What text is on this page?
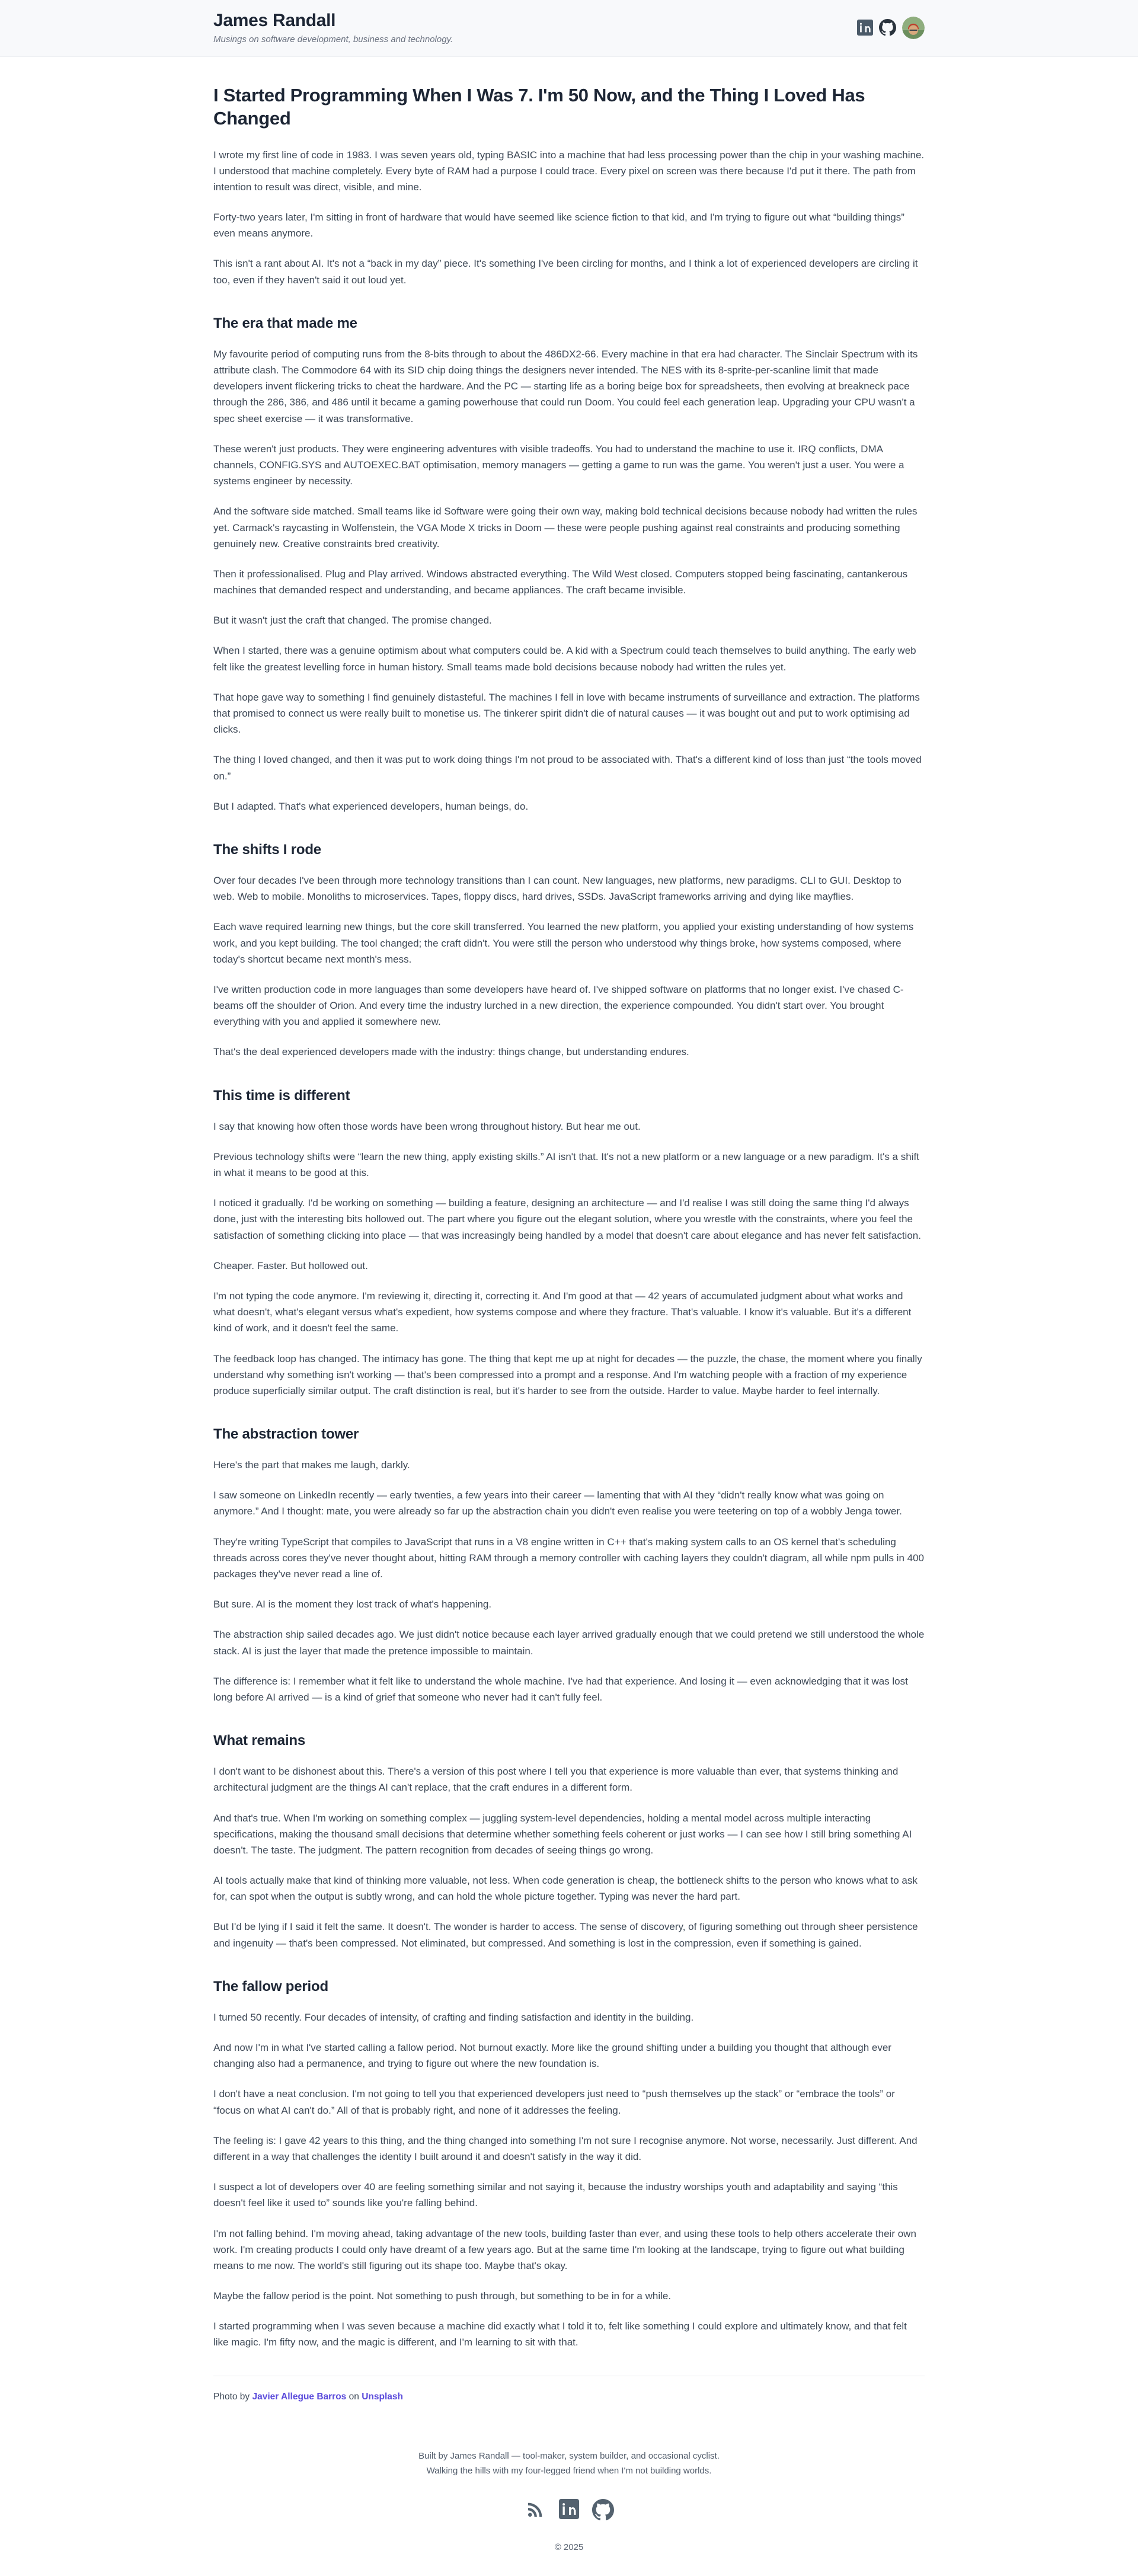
James Randall
Musings on software development, business and technology.
I Started Programming When I Was 7. I'm 50 Now, and the Thing I Loved Has Changed

I wrote my first line of code in 1983. I was seven years old, typing BASIC into a machine that had less processing power than the chip in your washing machine. I understood that machine completely. Every byte of RAM had a purpose I could trace. Every pixel on screen was there because I'd put it there. The path from intention to result was direct, visible, and mine.

Forty-two years later, I'm sitting in front of hardware that would have seemed like science fiction to that kid, and I'm trying to figure out what “building things” even means anymore.

This isn't a rant about AI. It's not a “back in my day” piece. It's something I've been circling for months, and I think a lot of experienced developers are circling it too, even if they haven't said it out loud yet.

The era that made me

My favourite period of computing runs from the 8-bits through to about the 486DX2-66. Every machine in that era had character. The Sinclair Spectrum with its attribute clash. The Commodore 64 with its SID chip doing things the designers never intended. The NES with its 8-sprite-per-scanline limit that made developers invent flickering tricks to cheat the hardware. And the PC — starting life as a boring beige box for spreadsheets, then evolving at breakneck pace through the 286, 386, and 486 until it became a gaming powerhouse that could run Doom. You could feel each generation leap. Upgrading your CPU wasn't a spec sheet exercise — it was transformative.

These weren't just products. They were engineering adventures with visible tradeoffs. You had to understand the machine to use it. IRQ conflicts, DMA channels, CONFIG.SYS and AUTOEXEC.BAT optimisation, memory managers — getting a game to run was the game. You weren't just a user. You were a systems engineer by necessity.

And the software side matched. Small teams like id Software were going their own way, making bold technical decisions because nobody had written the rules yet. Carmack's raycasting in Wolfenstein, the VGA Mode X tricks in Doom — these were people pushing against real constraints and producing something genuinely new. Creative constraints bred creativity.

Then it professionalised. Plug and Play arrived. Windows abstracted everything. The Wild West closed. Computers stopped being fascinating, cantankerous machines that demanded respect and understanding, and became appliances. The craft became invisible.

But it wasn't just the craft that changed. The promise changed.

When I started, there was a genuine optimism about what computers could be. A kid with a Spectrum could teach themselves to build anything. The early web felt like the greatest levelling force in human history. Small teams made bold decisions because nobody had written the rules yet.

That hope gave way to something I find genuinely distasteful. The machines I fell in love with became instruments of surveillance and extraction. The platforms that promised to connect us were really built to monetise us. The tinkerer spirit didn't die of natural causes — it was bought out and put to work optimising ad clicks.

The thing I loved changed, and then it was put to work doing things I'm not proud to be associated with. That's a different kind of loss than just “the tools moved on.”

But I adapted. That's what experienced developers, human beings, do.

The shifts I rode

Over four decades I've been through more technology transitions than I can count. New languages, new platforms, new paradigms. CLI to GUI. Desktop to web. Web to mobile. Monoliths to microservices. Tapes, floppy discs, hard drives, SSDs. JavaScript frameworks arriving and dying like mayflies.

Each wave required learning new things, but the core skill transferred. You learned the new platform, you applied your existing understanding of how systems work, and you kept building. The tool changed; the craft didn't. You were still the person who understood why things broke, how systems composed, where today's shortcut became next month's mess.

I've written production code in more languages than some developers have heard of. I've shipped software on platforms that no longer exist. I've chased C-beams off the shoulder of Orion. And every time the industry lurched in a new direction, the experience compounded. You didn't start over. You brought everything with you and applied it somewhere new.

That's the deal experienced developers made with the industry: things change, but understanding endures.

This time is different

I say that knowing how often those words have been wrong throughout history. But hear me out.

Previous technology shifts were “learn the new thing, apply existing skills.” AI isn't that. It's not a new platform or a new language or a new paradigm. It's a shift in what it means to be good at this.

I noticed it gradually. I'd be working on something — building a feature, designing an architecture — and I'd realise I was still doing the same thing I'd always done, just with the interesting bits hollowed out. The part where you figure out the elegant solution, where you wrestle with the constraints, where you feel the satisfaction of something clicking into place — that was increasingly being handled by a model that doesn't care about elegance and has never felt satisfaction.

Cheaper. Faster. But hollowed out.

I'm not typing the code anymore. I'm reviewing it, directing it, correcting it. And I'm good at that — 42 years of accumulated judgment about what works and what doesn't, what's elegant versus what's expedient, how systems compose and where they fracture. That's valuable. I know it's valuable. But it's a different kind of work, and it doesn't feel the same.

The feedback loop has changed. The intimacy has gone. The thing that kept me up at night for decades — the puzzle, the chase, the moment where you finally understand why something isn't working — that's been compressed into a prompt and a response. And I'm watching people with a fraction of my experience produce superficially similar output. The craft distinction is real, but it's harder to see from the outside. Harder to value. Maybe harder to feel internally.

The abstraction tower

Here's the part that makes me laugh, darkly.

I saw someone on LinkedIn recently — early twenties, a few years into their career — lamenting that with AI they “didn't really know what was going on anymore.” And I thought: mate, you were already so far up the abstraction chain you didn't even realise you were teetering on top of a wobbly Jenga tower.

They're writing TypeScript that compiles to JavaScript that runs in a V8 engine written in C++ that's making system calls to an OS kernel that's scheduling threads across cores they've never thought about, hitting RAM through a memory controller with caching layers they couldn't diagram, all while npm pulls in 400 packages they've never read a line of.

But sure. AI is the moment they lost track of what's happening.

The abstraction ship sailed decades ago. We just didn't notice because each layer arrived gradually enough that we could pretend we still understood the whole stack. AI is just the layer that made the pretence impossible to maintain.

The difference is: I remember what it felt like to understand the whole machine. I've had that experience. And losing it — even acknowledging that it was lost long before AI arrived — is a kind of grief that someone who never had it can't fully feel.

What remains

I don't want to be dishonest about this. There's a version of this post where I tell you that experience is more valuable than ever, that systems thinking and architectural judgment are the things AI can't replace, that the craft endures in a different form.

And that's true. When I'm working on something complex — juggling system-level dependencies, holding a mental model across multiple interacting specifications, making the thousand small decisions that determine whether something feels coherent or just works — I can see how I still bring something AI doesn't. The taste. The judgment. The pattern recognition from decades of seeing things go wrong.

AI tools actually make that kind of thinking more valuable, not less. When code generation is cheap, the bottleneck shifts to the person who knows what to ask for, can spot when the output is subtly wrong, and can hold the whole picture together. Typing was never the hard part.

But I'd be lying if I said it felt the same. It doesn't. The wonder is harder to access. The sense of discovery, of figuring something out through sheer persistence and ingenuity — that's been compressed. Not eliminated, but compressed. And something is lost in the compression, even if something is gained.

The fallow period

I turned 50 recently. Four decades of intensity, of crafting and finding satisfaction and identity in the building.

And now I'm in what I've started calling a fallow period. Not burnout exactly. More like the ground shifting under a building you thought that although ever changing also had a permanence, and trying to figure out where the new foundation is.

I don't have a neat conclusion. I'm not going to tell you that experienced developers just need to “push themselves up the stack” or “embrace the tools” or “focus on what AI can't do.” All of that is probably right, and none of it addresses the feeling.

The feeling is: I gave 42 years to this thing, and the thing changed into something I'm not sure I recognise anymore. Not worse, necessarily. Just different. And different in a way that challenges the identity I built around it and doesn't satisfy in the way it did.

I suspect a lot of developers over 40 are feeling something similar and not saying it, because the industry worships youth and adaptability and saying “this doesn't feel like it used to” sounds like you're falling behind.

I'm not falling behind. I'm moving ahead, taking advantage of the new tools, building faster than ever, and using these tools to help others accelerate their own work. I'm creating products I could only have dreamt of a few years ago. But at the same time I'm looking at the landscape, trying to figure out what building means to me now. The world's still figuring out its shape too. Maybe that's okay.

Maybe the fallow period is the point. Not something to push through, but something to be in for a while.

I started programming when I was seven because a machine did exactly what I told it to, felt like something I could explore and ultimately know, and that felt like magic. I'm fifty now, and the magic is different, and I'm learning to sit with that.

Photo by Javier Allegue Barros on Unsplash
Built by James Randall — tool-maker, system builder, and occasional cyclist.
Walking the hills with my four-legged friend when I'm not building worlds.
© 2025
